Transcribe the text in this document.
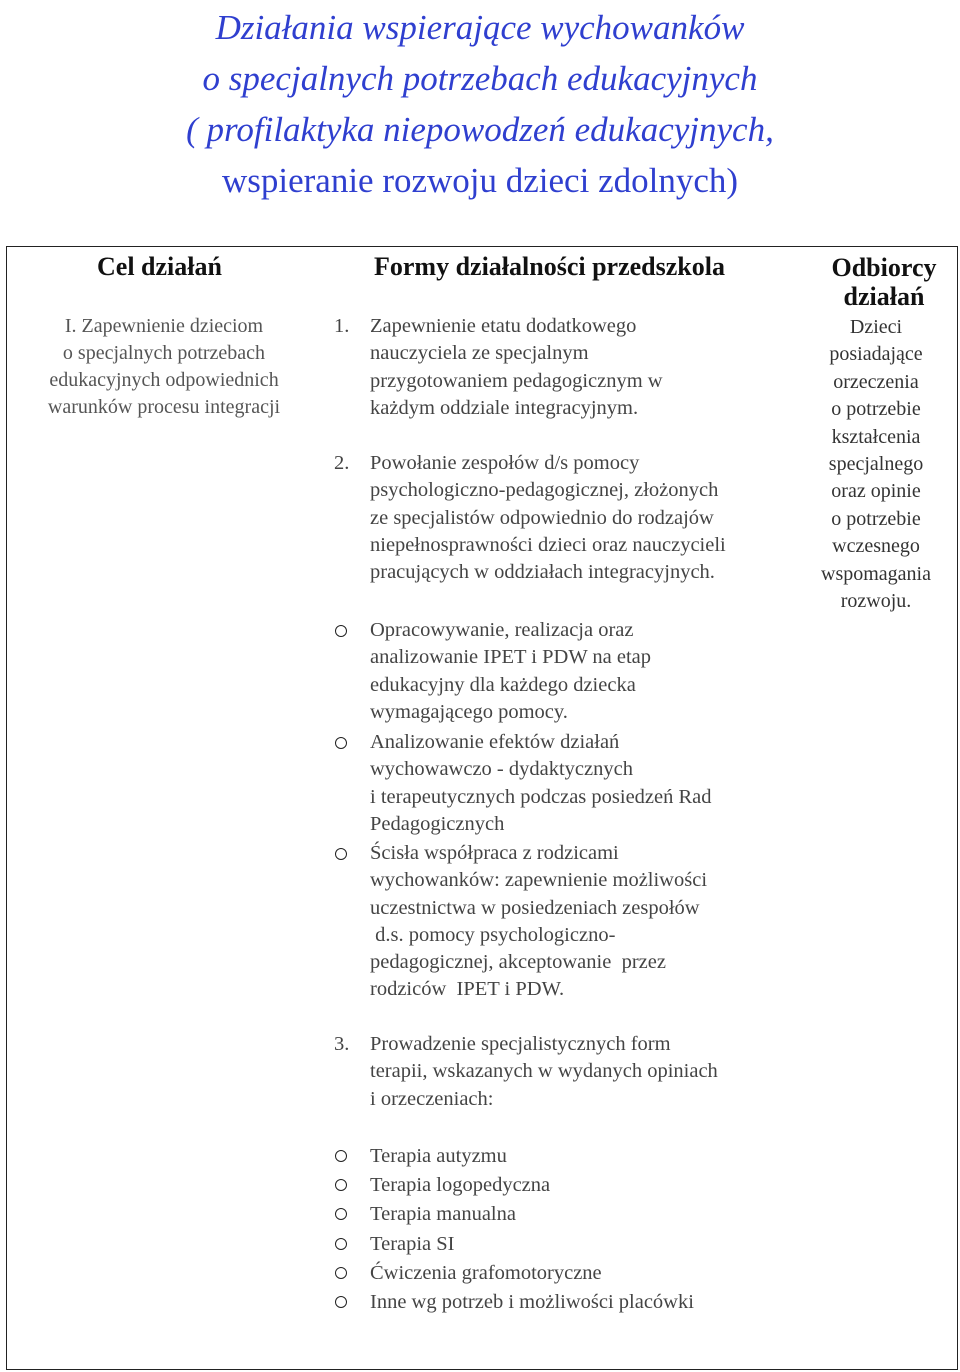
Działania wspierające wychowanków
o specjalnych potrzebach edukacyjnych
( profilaktyka niepowodzeń edukacyjnych,
wspieranie rozwoju dzieci zdolnych)
Cel działań	Formy działalności przedszkola	Odbiorcy
działań
I. Zapewnienie dzieciom
o specjalnych potrzebach
edukacyjnych odpowiednich
warunków procesu integracji
Dzieci
posiadające
orzeczenia
o potrzebie
kształcenia
specjalnego
oraz opinie
o potrzebie
wczesnego
wspomagania
rozwoju.
1. Zapewnienie etatu dodatkowego
nauczyciela ze specjalnym
przygotowaniem pedagogicznym w
każdym oddziale integracyjnym.
2. Powołanie zespołów d/s pomocy
psychologiczno-pedagogicznej, złożonych
ze specjalistów odpowiednio do rodzajów
niepełnosprawności dzieci oraz nauczycieli
pracujących w oddziałach integracyjnych.
Opracowywanie, realizacja oraz
analizowanie IPET i PDW na etap
edukacyjny dla każdego dziecka
wymagającego pomocy.
Analizowanie efektów działań
wychowawczo - dydaktycznych
i terapeutycznych podczas posiedzeń Rad
Pedagogicznych
Ścisła współpraca z rodzicami
wychowanków: zapewnienie możliwości
uczestnictwa w posiedzeniach zespołów
d.s. pomocy psychologiczno-
pedagogicznej, akceptowanie  przez
rodziców  IPET i PDW.
3. Prowadzenie specjalistycznych form
terapii, wskazanych w wydanych opiniach
i orzeczeniach:
Terapia autyzmu
Terapia logopedyczna
Terapia manualna
Terapia SI
Ćwiczenia grafomotoryczne
Inne wg potrzeb i możliwości placówki
